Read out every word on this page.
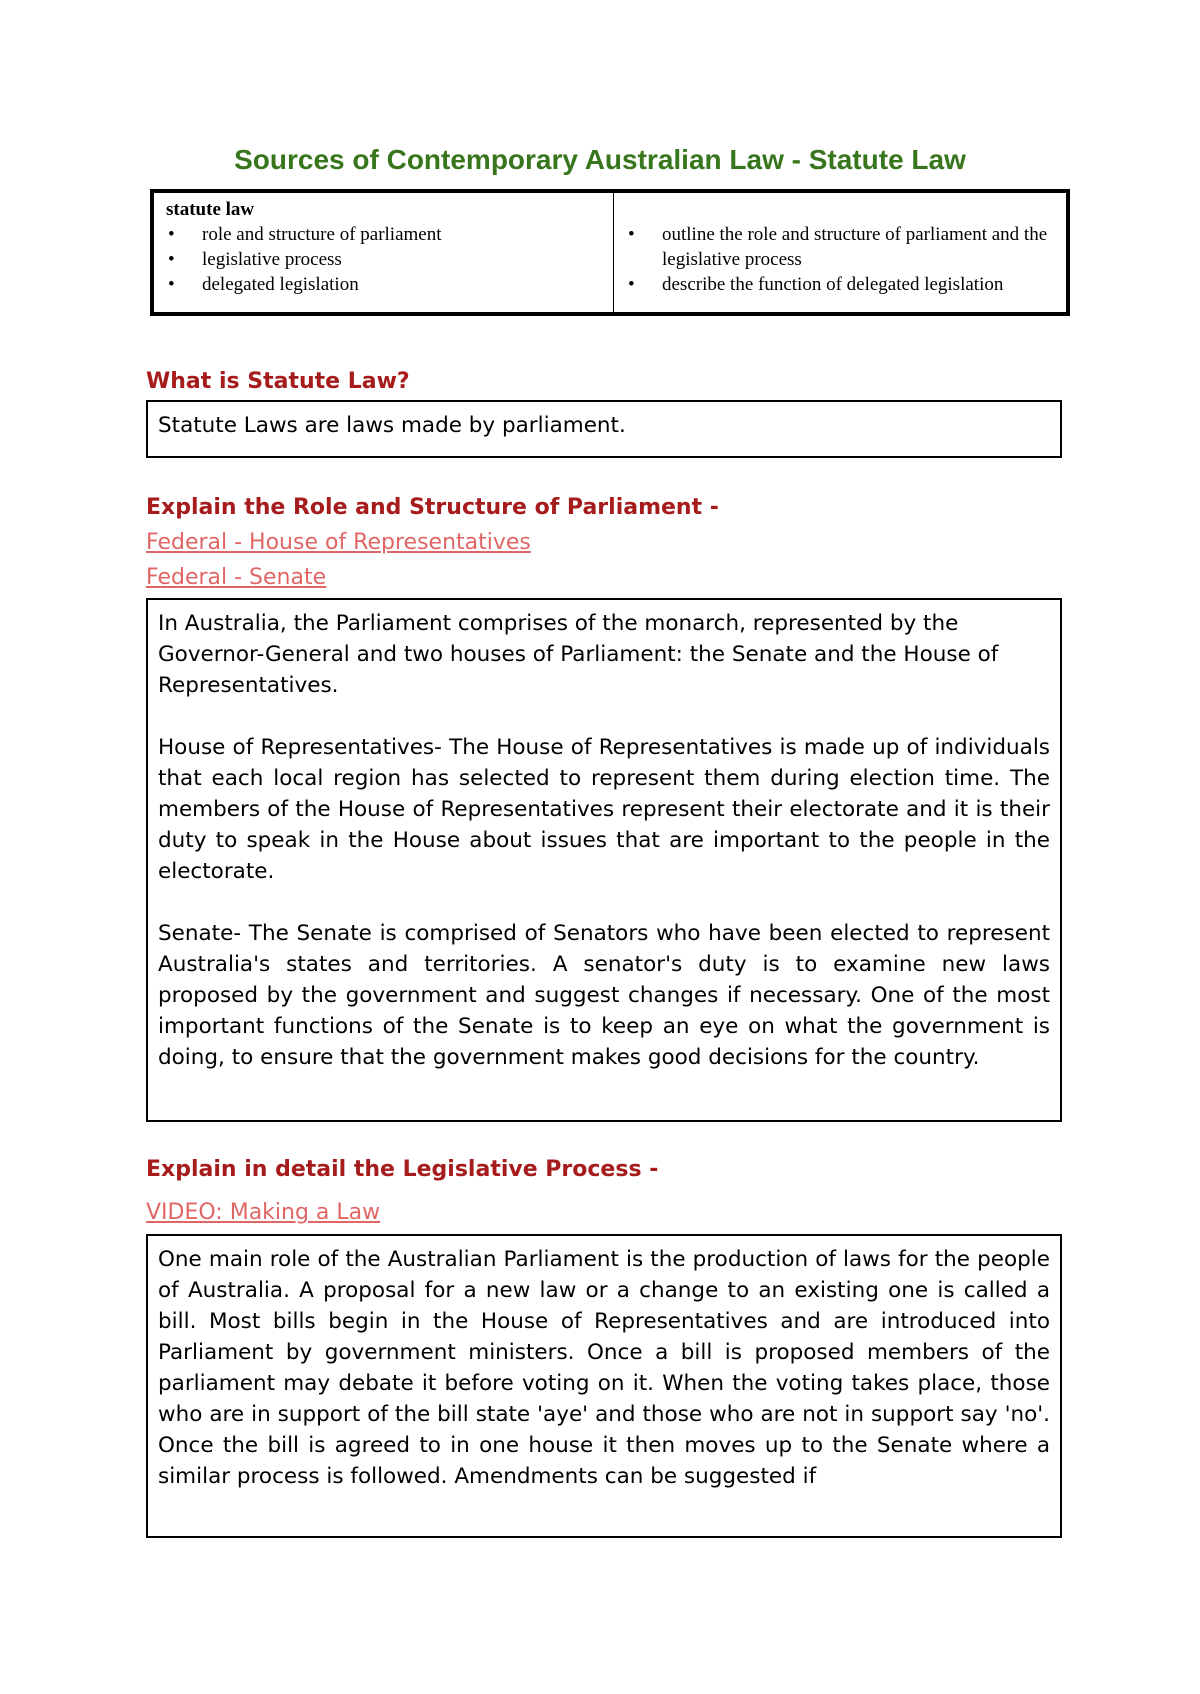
Sources of Contemporary Australian Law - Statute Law
statute law
• role and structure of parliament
• legislative process
• delegated legislation
• outline the role and structure of parliament and the legislative process
• describe the function of delegated legislation
What is Statute Law?

Statute Laws are laws made by parliament.

Explain the Role and Structure of Parliament -
Federal - House of Representatives
Federal - Senate

In Australia, the Parliament comprises of the monarch, represented by the Governor-General and two houses of Parliament: the Senate and the House of Representatives.

House of Representatives- The House of Representatives is made up of individuals that each local region has selected to represent them during election time. The members of the House of Representatives represent their electorate and it is their duty to speak in the House about issues that are important to the people in the electorate.

Senate- The Senate is comprised of Senators who have been elected to represent Australia's states and territories. A senator's duty is to examine new laws proposed by the government and suggest changes if necessary. One of the most important functions of the Senate is to keep an eye on what the government is doing, to ensure that the government makes good decisions for the country.

Explain in detail the Legislative Process -
VIDEO: Making a Law

One main role of the Australian Parliament is the production of laws for the people of Australia. A proposal for a new law or a change to an existing one is called a bill. Most bills begin in the House of Representatives and are introduced into Parliament by government ministers. Once a bill is proposed members of the parliament may debate it before voting on it. When the voting takes place, those who are in support of the bill state 'aye' and those who are not in support say 'no'. Once the bill is agreed to in one house it then moves up to the Senate where a similar process is followed. Amendments can be suggested if
